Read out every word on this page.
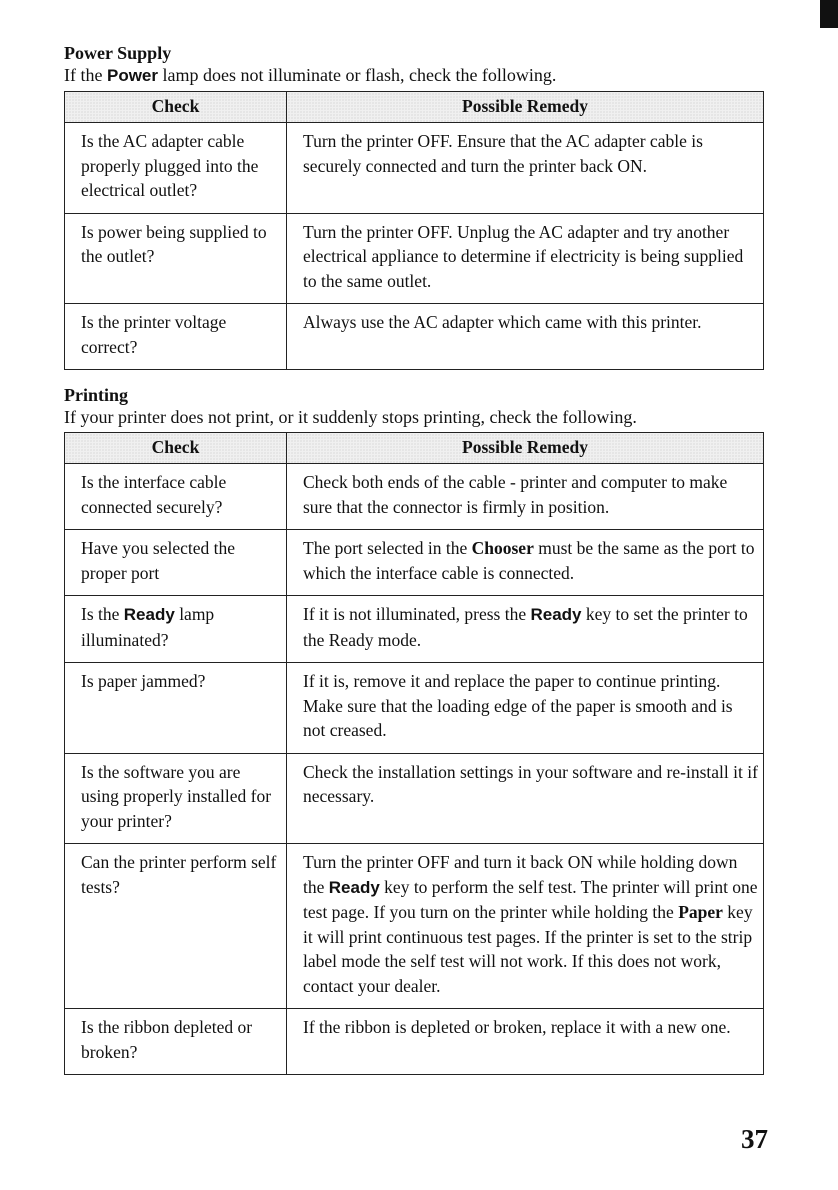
Power Supply

If the Power lamp does not illuminate or flash, check the following.

Check	Possible Remedy
Is the AC adapter cable properly plugged into the electrical outlet?	Turn the printer OFF. Ensure that the AC adapter cable is securely connected and turn the printer back ON.
Is power being supplied to the outlet?	Turn the printer OFF. Unplug the AC adapter and try another electrical appliance to determine if electricity is being supplied to the same outlet.
Is the printer voltage correct?	Always use the AC adapter which came with this printer.

Printing

If your printer does not print, or it suddenly stops printing, check the following.

Check	Possible Remedy
Is the interface cable connected securely?	Check both ends of the cable - printer and computer to make sure that the connector is firmly in position.
Have you selected the proper port	The port selected in the Chooser must be the same as the port to which the interface cable is connected.
Is the Ready lamp illuminated?	If it is not illuminated, press the Ready key to set the printer to the Ready mode.
Is paper jammed?	If it is, remove it and replace the paper to continue printing. Make sure that the loading edge of the paper is smooth and is not creased.
Is the software you are using properly installed for your printer?	Check the installation settings in your software and re-install it if necessary.
Can the printer perform self tests?	Turn the printer OFF and turn it back ON while holding down the Ready key to perform the self test. The printer will print one test page. If you turn on the printer while holding the Paper key it will print continuous test pages. If the printer is set to the strip label mode the self test will not work. If this does not work, contact your dealer.
Is the ribbon depleted or broken?	If the ribbon is depleted or broken, replace it with a new one.
37
